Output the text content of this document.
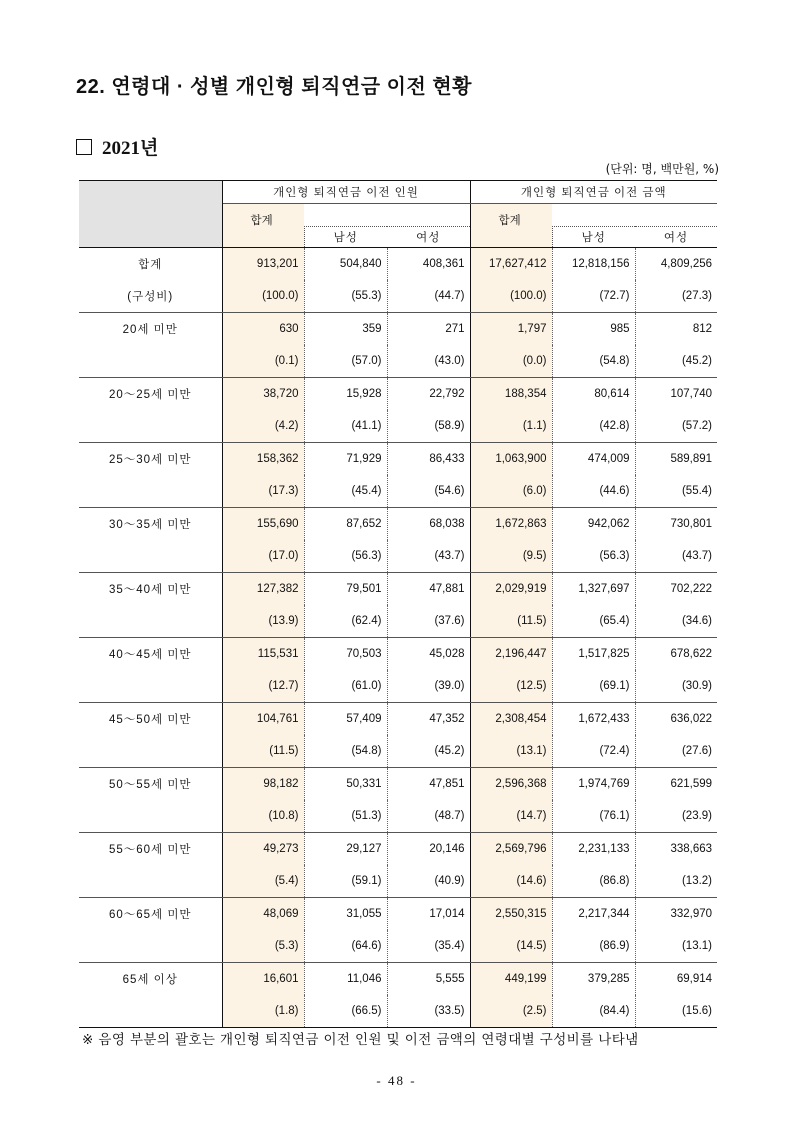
22. 연령대 · 성별 개인형 퇴직연금 이전 현황
2021년
(단위: 명, 백만원, %)
	개인형 퇴직연금 이전 인원			개인형 퇴직연금 이전 금액		
	합계			합계		
		남성	여성		남성	여성
합계	913,201	504,840	408,361	17,627,412	12,818,156	4,809,256
(구성비)	(100.0)	(55.3)	(44.7)	(100.0)	(72.7)	(27.3)
20세 미만	630	359	271	1,797	985	812
	(0.1)	(57.0)	(43.0)	(0.0)	(54.8)	(45.2)
20～25세 미만	38,720	15,928	22,792	188,354	80,614	107,740
	(4.2)	(41.1)	(58.9)	(1.1)	(42.8)	(57.2)
25～30세 미만	158,362	71,929	86,433	1,063,900	474,009	589,891
	(17.3)	(45.4)	(54.6)	(6.0)	(44.6)	(55.4)
30～35세 미만	155,690	87,652	68,038	1,672,863	942,062	730,801
	(17.0)	(56.3)	(43.7)	(9.5)	(56.3)	(43.7)
35～40세 미만	127,382	79,501	47,881	2,029,919	1,327,697	702,222
	(13.9)	(62.4)	(37.6)	(11.5)	(65.4)	(34.6)
40～45세 미만	115,531	70,503	45,028	2,196,447	1,517,825	678,622
	(12.7)	(61.0)	(39.0)	(12.5)	(69.1)	(30.9)
45～50세 미만	104,761	57,409	47,352	2,308,454	1,672,433	636,022
	(11.5)	(54.8)	(45.2)	(13.1)	(72.4)	(27.6)
50～55세 미만	98,182	50,331	47,851	2,596,368	1,974,769	621,599
	(10.8)	(51.3)	(48.7)	(14.7)	(76.1)	(23.9)
55～60세 미만	49,273	29,127	20,146	2,569,796	2,231,133	338,663
	(5.4)	(59.1)	(40.9)	(14.6)	(86.8)	(13.2)
60～65세 미만	48,069	31,055	17,014	2,550,315	2,217,344	332,970
	(5.3)	(64.6)	(35.4)	(14.5)	(86.9)	(13.1)
65세 이상	16,601	11,046	5,555	449,199	379,285	69,914
	(1.8)	(66.5)	(33.5)	(2.5)	(84.4)	(15.6)
※ 음영 부분의 괄호는 개인형 퇴직연금 이전 인원 및 이전 금액의 연령대별 구성비를 나타냄
- 48 -
